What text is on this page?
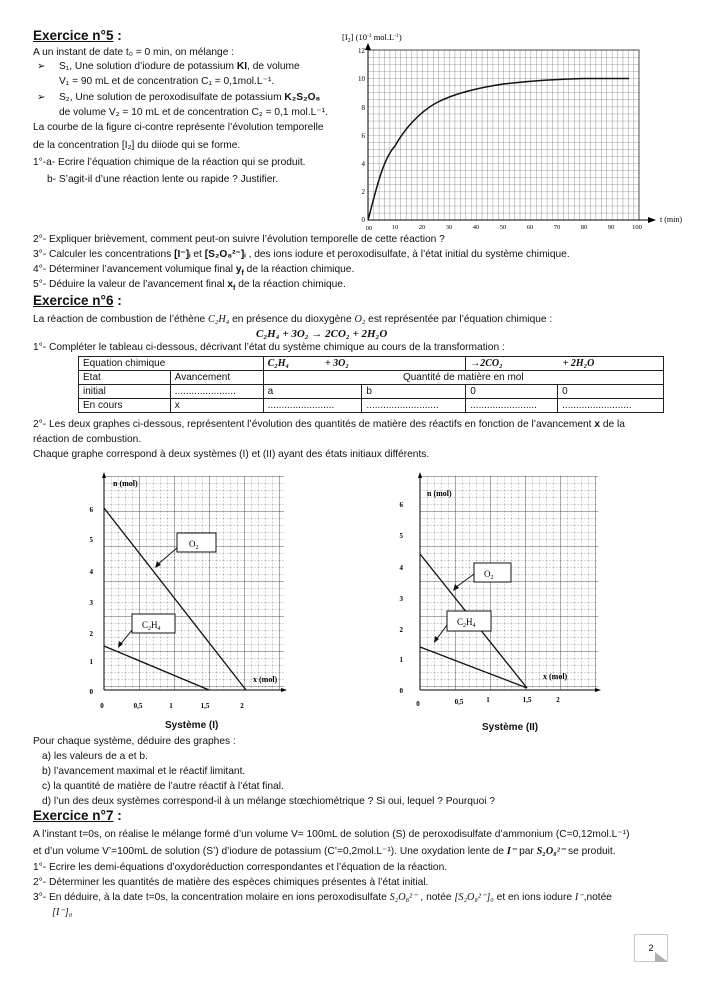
Exercice n°5 :
A un instant de date t₀ = 0 min, on mélange :
➢ S₁, Une solution d’iodure de potassium KI, de volume
V₁ = 90 mL et de concentration C₁ = 0,1mol.L⁻¹.
➢ S₂, Une solution de peroxodisulfate de potassium K₂S₂O₈
de volume V₂ = 10 mL et de concentration C₂ = 0,1 mol.L⁻¹.
La courbe de la figure ci-contre représente l’évolution temporelle
de la concentration [I₂] du diiode qui se forme.
1°-a- Ecrire l’équation chimique de la réaction qui se produit.
b- S’agit-il d’une réaction lente ou rapide ? Justifier.
$[I_2]$ ($10^{-3}$ $mol.L^{-1}$)
12
10
8
6
4
2
0
00	10	20	30	40	50	60	70	80	90	100
t (min)
2°- Expliquer brièvement, comment peut-on suivre l’évolution temporelle de cette réaction ?
3°- Calculer les concentrations [I⁻]ᵢ et [S₂O₈²⁻]ᵢ , des ions iodure et peroxodisulfate, à l’état initial du système chimique.
4°- Déterminer l’avancement volumique final $y_f$ de la réaction chimique.
5°- Déduire la valeur de l’avancement final $x_f$ de la réaction chimique.
Exercice n°6 :
La réaction de combustion de l’éthène C₂H₄ en présence du dioxygène O₂ est représentée par l’équation chimique :
C₂H₄ + 3O₂ → 2CO₂ + 2H₂O
1°- Compléter le tableau ci-dessous, décrivant l’état du système chimique au cours de la transformation :
Equation chimique		C₂H₄ + 3O₂		→2CO₂ + 2H₂O	
Etat	Avancement	Quantité de matière en mol			
initial	......................	a	b	0	0
En cours	x	........................	..........................	........................	.........................
2°- Les deux graphes ci-dessous, représentent l’évolution des quantités de matière des réactifs en fonction de l’avancement x de la
réaction de combustion.
Chaque graphe correspond à deux systèmes (I) et (II) ayant des états initiaux différents.
n (mol)
x (mol)
6
5
4
3
2
1
0
0	0,5	1	1,5	2
$O_2$
$C_2H_4$
Système (I)
n (mol)
x (mol)
6
5
4
3
2
1
0
0	0,5	1	1,5	2
$O_2$
$C_2H_4$
Système (II)
Pour chaque système, déduire des graphes :
a) les valeurs de a et b.
b) l’avancement maximal et le réactif limitant.
c) la quantité de matière de l’autre réactif à l’état final.
d) l’un des deux systèmes correspond-il à un mélange stœchiométrique ? Si oui, lequel ? Pourquoi ?
Exercice n°7 :
A l’instant t=0s, on réalise le mélange formé d’un volume V= 100mL de solution (S) de peroxodisulfate d’ammonium (C=0,12mol.L⁻¹)
et d’un volume V’=100mL de solution (S’) d’iodure de potassium (C’=0,2mol.L⁻¹). Une oxydation lente de I⁻ par S₂O₈²⁻ se produit.
1°- Ecrire les demi-équations d’oxydoréduction correspondantes et l’équation de la réaction.
2°- Déterminer les quantités de matière des espèces chimiques présentes à l’état initial.
3°- En déduire, à la date t=0s, la concentration molaire en ions peroxodisulfate S₂O₈²⁻ , notée [S₂O₈²⁻]₀ et en ions iodure I⁻,notée
[I⁻]₀
2
